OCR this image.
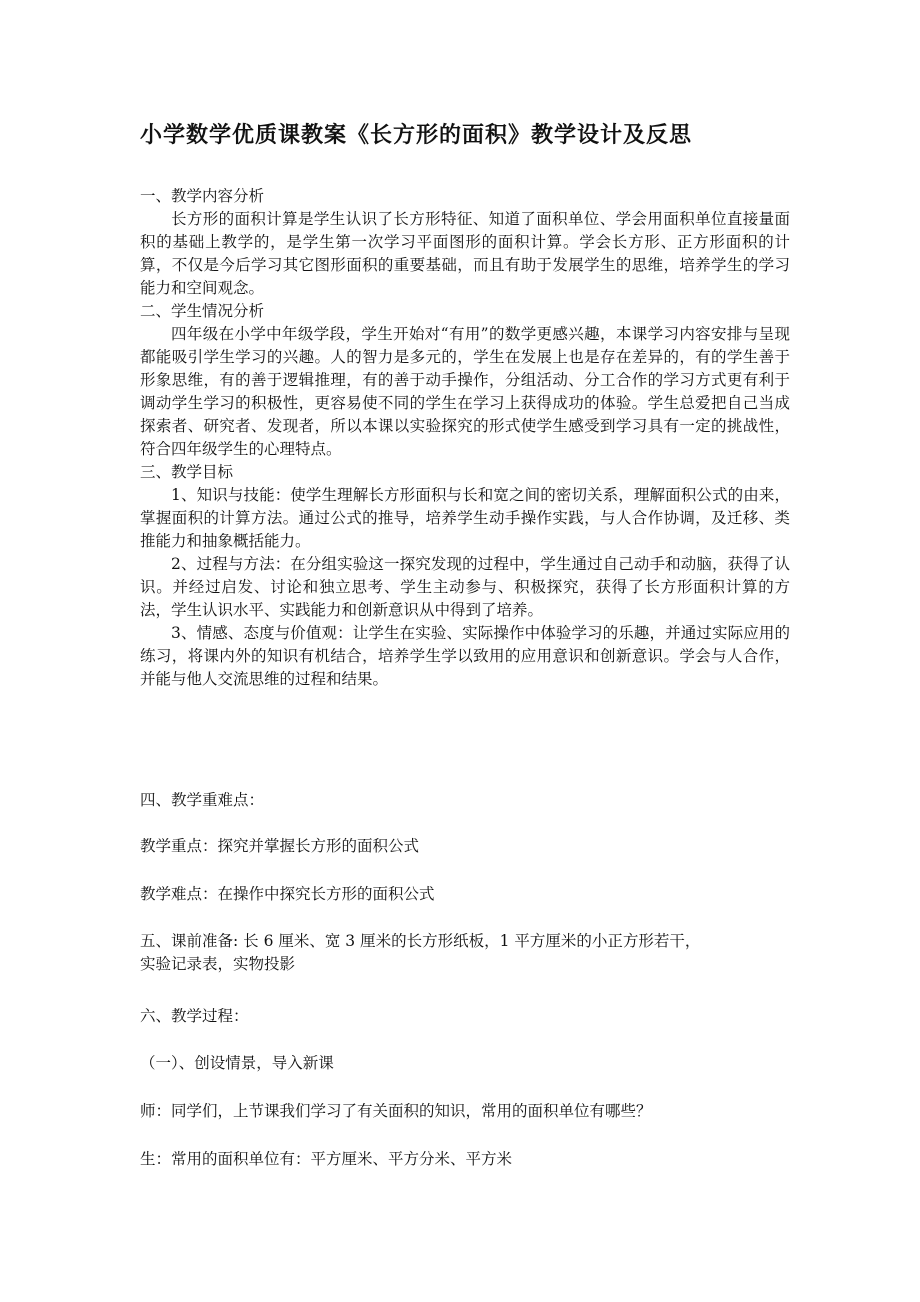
小学数学优质课教案《长方形的面积》教学设计及反思
一、教学内容分析
长方形的面积计算是学生认识了长方形特征、知道了面积单位、学会用面积单位直接量面积的基础上教学的，是学生第一次学习平面图形的面积计算。学会长方形、正方形面积的计算，不仅是今后学习其它图形面积的重要基础，而且有助于发展学生的思维，培养学生的学习能力和空间观念。
二、学生情况分析
四年级在小学中年级学段，学生开始对“有用”的数学更感兴趣，本课学习内容安排与呈现都能吸引学生学习的兴趣。人的智力是多元的，学生在发展上也是存在差异的，有的学生善于形象思维，有的善于逻辑推理，有的善于动手操作，分组活动、分工合作的学习方式更有利于调动学生学习的积极性，更容易使不同的学生在学习上获得成功的体验。学生总爱把自己当成探索者、研究者、发现者，所以本课以实验探究的形式使学生感受到学习具有一定的挑战性，符合四年级学生的心理特点。
三、教学目标
1、知识与技能：使学生理解长方形面积与长和宽之间的密切关系，理解面积公式的由来，掌握面积的计算方法。通过公式的推导，培养学生动手操作实践，与人合作协调，及迁移、类推能力和抽象概括能力。
2、过程与方法：在分组实验这一探究发现的过程中，学生通过自己动手和动脑，获得了认识。并经过启发、讨论和独立思考、学生主动参与、积极探究，获得了长方形面积计算的方法，学生认识水平、实践能力和创新意识从中得到了培养。
3、情感、态度与价值观：让学生在实验、实际操作中体验学习的乐趣，并通过实际应用的练习，将课内外的知识有机结合，培养学生学以致用的应用意识和创新意识。学会与人合作，并能与他人交流思维的过程和结果。
四、教学重难点：
教学重点：探究并掌握长方形的面积公式
教学难点：在操作中探究长方形的面积公式
五、课前准备: 长 6 厘米、宽 3 厘米的长方形纸板，1 平方厘米的小正方形若干，
实验记录表，实物投影
六、教学过程：
（一）、创设情景，导入新课
师：同学们，上节课我们学习了有关面积的知识，常用的面积单位有哪些？
生：常用的面积单位有：平方厘米、平方分米、平方米
